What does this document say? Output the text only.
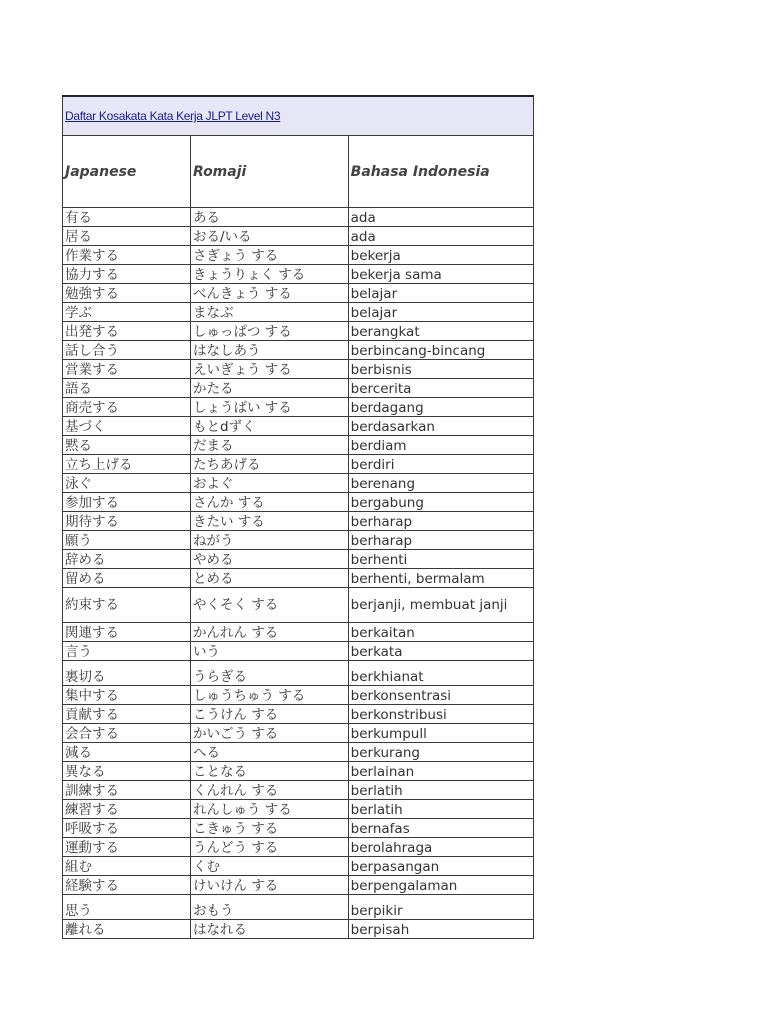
Daftar Kosakata Kata Kerja JLPT Level N3		
Japanese	Romaji	Bahasa Indonesia
有る	ある	ada
居る	おる/いる	ada
作業する	さぎょう する	bekerja
協力する	きょうりょく する	bekerja sama
勉強する	べんきょう する	belajar
学ぶ	まなぶ	belajar
出発する	しゅっぱつ する	berangkat
話し合う	はなしあう	berbincang-bincang
営業する	えいぎょう する	berbisnis
語る	かたる	bercerita
商売する	しょうばい する	berdagang
基づく	もとdずく	berdasarkan
黙る	だまる	berdiam
立ち上げる	たちあげる	berdiri
泳ぐ	およぐ	berenang
参加する	さんか する	bergabung
期待する	きたい する	berharap
願う	ねがう	berharap
辞める	やめる	berhenti
留める	とめる	berhenti, bermalam
約束する	やくそく する	berjanji, membuat janji
関連する	かんれん する	berkaitan
言う	いう	berkata
裏切る	うらぎる	berkhianat
集中する	しゅうちゅう する	berkonsentrasi
貢献する	こうけん する	berkonstribusi
会合する	かいごう する	berkumpull
減る	へる	berkurang
異なる	ことなる	berlainan
訓練する	くんれん する	berlatih
練習する	れんしゅう する	berlatih
呼吸する	こきゅう する	bernafas
運動する	うんどう する	berolahraga
組む	くむ	berpasangan
経験する	けいけん する	berpengalaman
思う	おもう	berpikir
離れる	はなれる	berpisah
